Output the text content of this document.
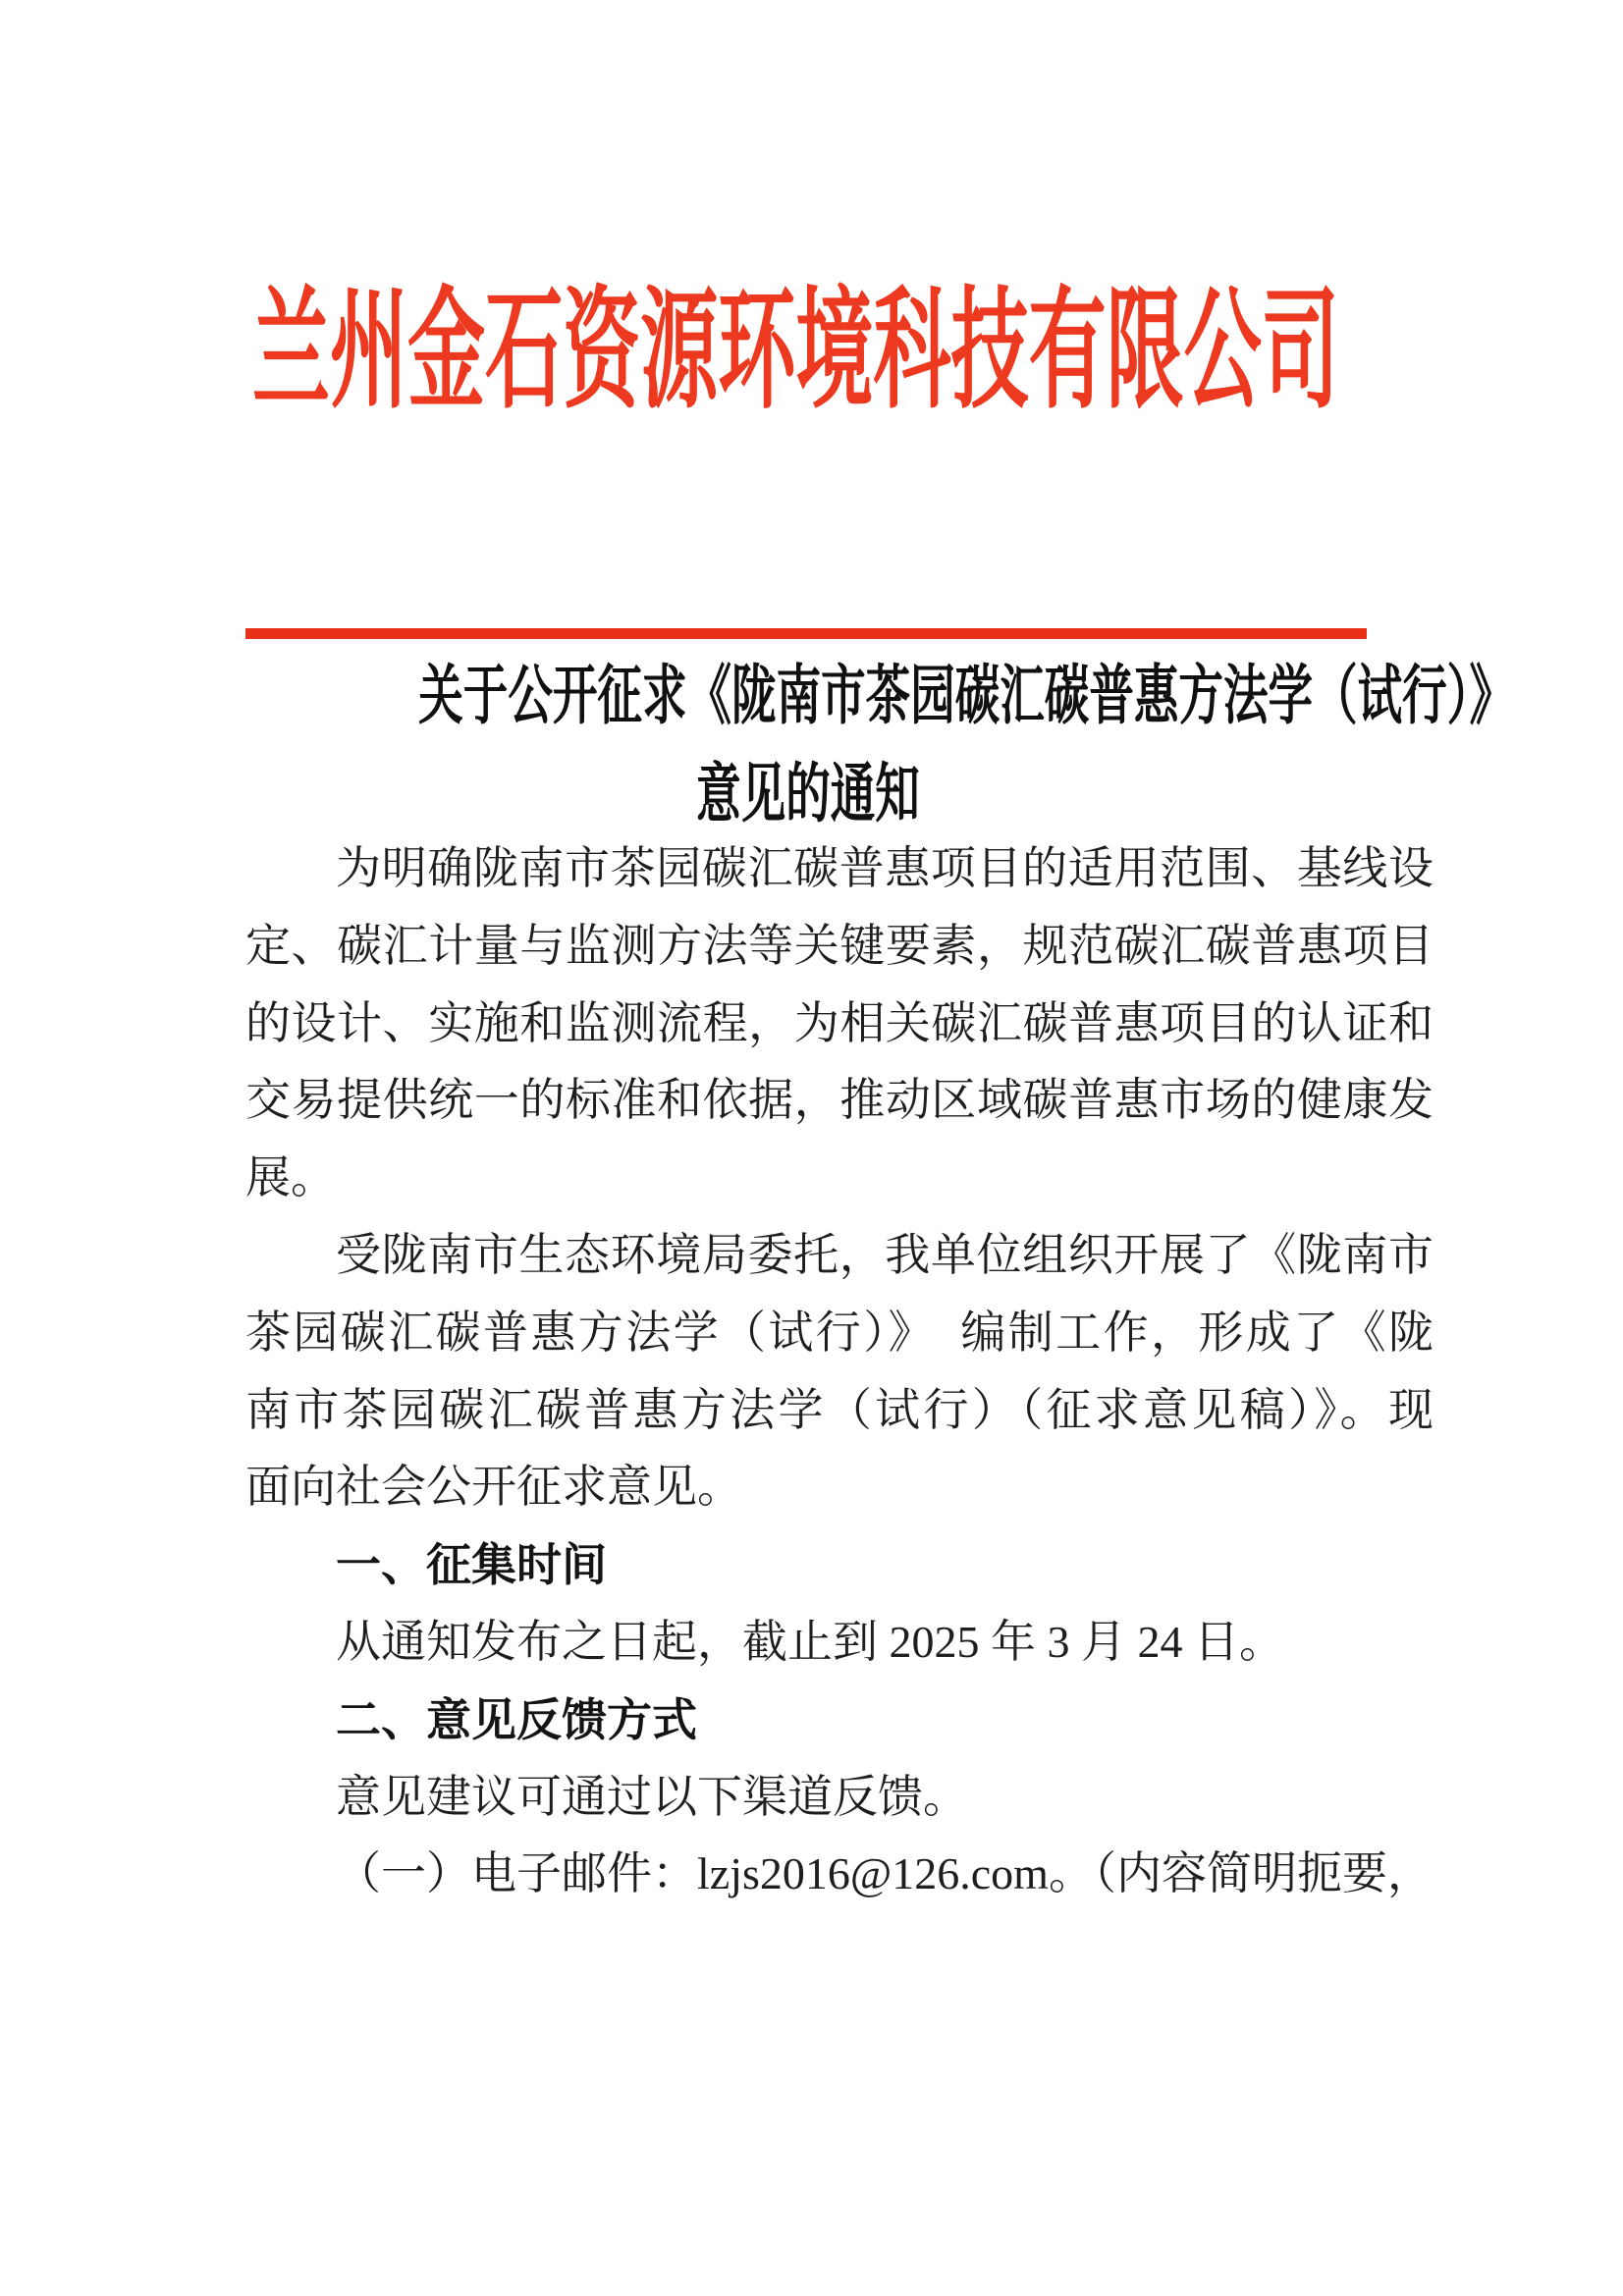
兰州金石资源环境科技有限公司
关于公开征求《陇南市茶园碳汇碳普惠方法学（试行）》
意见的通知
为明确陇南市茶园碳汇碳普惠项目的适用范围、基线设
定、碳汇计量与监测方法等关键要素，规范碳汇碳普惠项目
的设计、实施和监测流程，为相关碳汇碳普惠项目的认证和
交易提供统一的标准和依据，推动区域碳普惠市场的健康发
展。
受陇南市生态环境局委托，我单位组织开展了《陇南市
茶园碳汇碳普惠方法学（试行）》　编制工作，形成了《陇
南市茶园碳汇碳普惠方法学（试行）（征求意见稿）》。现
面向社会公开征求意见。
一、征集时间
从通知发布之日起，截止到 2025 年 3 月 24 日。
二、意见反馈方式
意见建议可通过以下渠道反馈。
（一）电子邮件：lzjs2016@126.com。（内容简明扼要，
